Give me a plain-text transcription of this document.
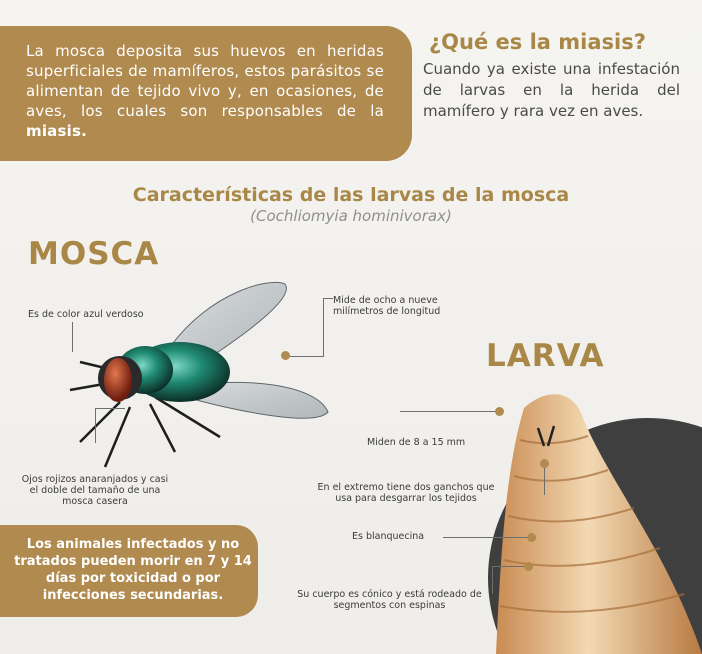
La mosca deposita sus huevos en heridas superficiales de mamíferos, estos parásitos se alimentan de tejido vivo y, en ocasiones, de aves, los cuales son responsables de la miasis.
¿Qué es la miasis?
Cuando ya existe una infestación de larvas en la herida del mamífero y rara vez en aves.
Características de las larvas de la mosca
(Cochliomyia hominivorax)
MOSCA
Es de color azul verdoso
Mide de ocho a nueve milímetros de longitud
Ojos rojizos anaranjados y casi el doble del tamaño de una mosca casera
LARVA
Miden de 8 a 15 mm
En el extremo tiene dos ganchos que usa para desgarrar los tejidos
Es blanquecina
Su cuerpo es cónico y está rodeado de segmentos con espinas
Los animales infectados y no tratados pueden morir en 7 y 14 días por toxicidad o por infecciones secundarias.
